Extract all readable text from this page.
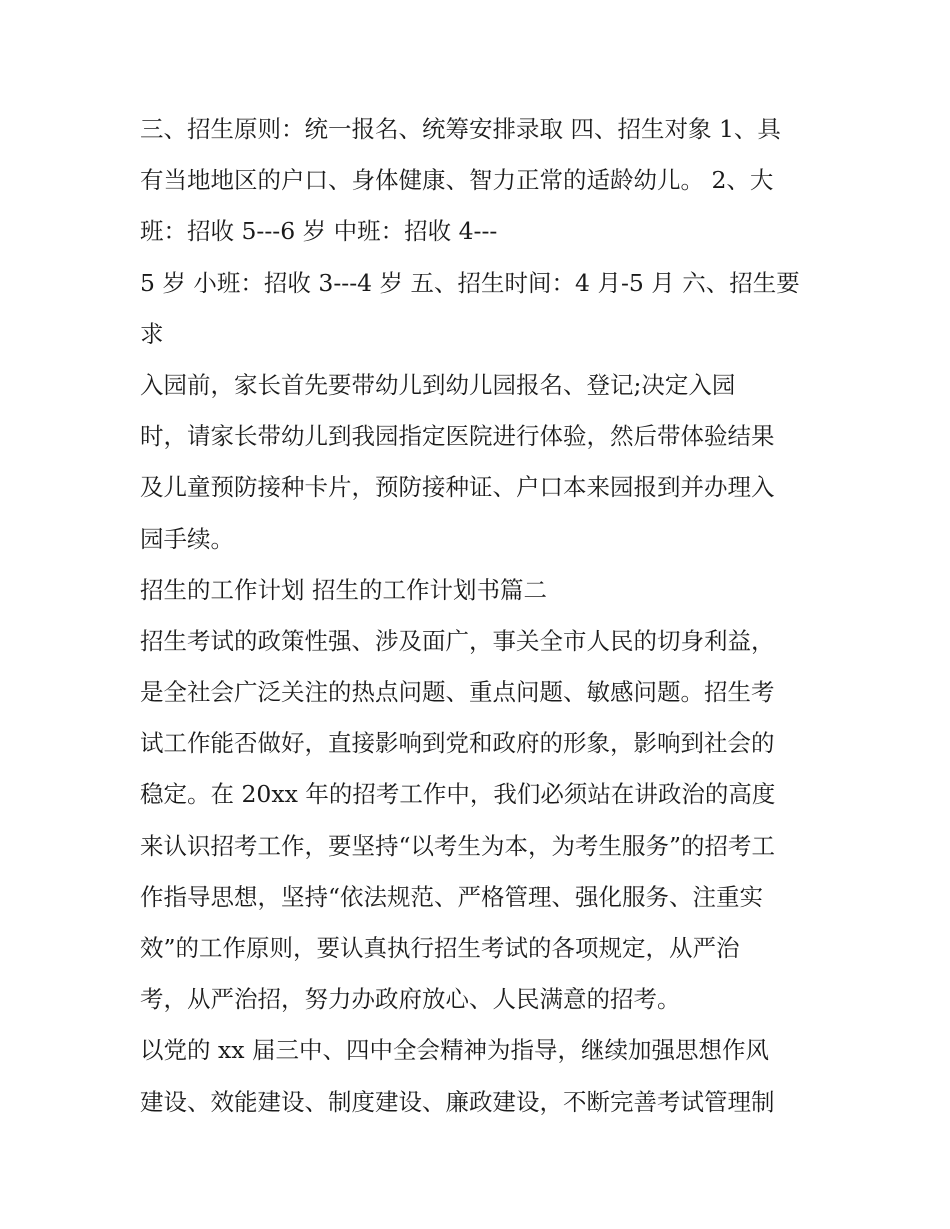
三、招生原则：统一报名、统筹安排录取 四、招生对象 1、具
有当地地区的户口、身体健康、智力正常的适龄幼儿。 2、大
班：招收 5---6 岁 中班：招收 4---
5 岁 小班：招收 3---4 岁 五、招生时间：4 月-5 月 六、招生要
求
入园前，家长首先要带幼儿到幼儿园报名、登记;决定入园
时，请家长带幼儿到我园指定医院进行体验，然后带体验结果
及儿童预防接种卡片，预防接种证、户口本来园报到并办理入
园手续。
招生的工作计划 招生的工作计划书篇二
招生考试的政策性强、涉及面广，事关全市人民的切身利益，
是全社会广泛关注的热点问题、重点问题、敏感问题。招生考
试工作能否做好，直接影响到党和政府的形象，影响到社会的
稳定。在 20xx 年的招考工作中，我们必须站在讲政治的高度
来认识招考工作，要坚持“以考生为本，为考生服务”的招考工
作指导思想，坚持“依法规范、严格管理、强化服务、注重实
效”的工作原则，要认真执行招生考试的各项规定，从严治
考，从严治招，努力办政府放心、人民满意的招考。
以党的 xx 届三中、四中全会精神为指导，继续加强思想作风
建设、效能建设、制度建设、廉政建设，不断完善考试管理制
